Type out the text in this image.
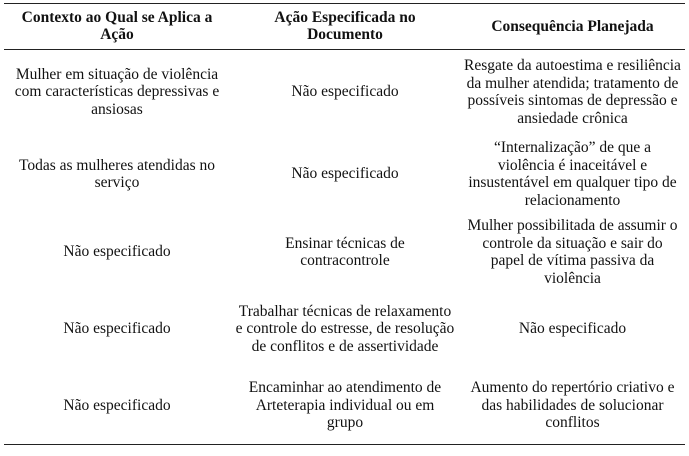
Contexto ao Qual se Aplica a Ação	Ação Especificada no Documento	Consequência Planejada
Mulher em situação de violência com características depressivas e ansiosas	Não especificado	Resgate da autoestima e resiliência da mulher atendida; tratamento de possíveis sintomas de depressão e ansiedade crônica
Todas as mulheres atendidas no serviço	Não especificado	“Internalização” de que a violência é inaceitável e insustentável em qualquer tipo de relacionamento
Não especificado	Ensinar técnicas de contracontrole	Mulher possibilitada de assumir o controle da situação e sair do papel de vítima passiva da violência
Não especificado	Trabalhar técnicas de relaxamento e controle do estresse, de resolução de conflitos e de assertividade	Não especificado
Não especificado	Encaminhar ao atendimento de Arteterapia individual ou em grupo	Aumento do repertório criativo e das habilidades de solucionar conflitos
